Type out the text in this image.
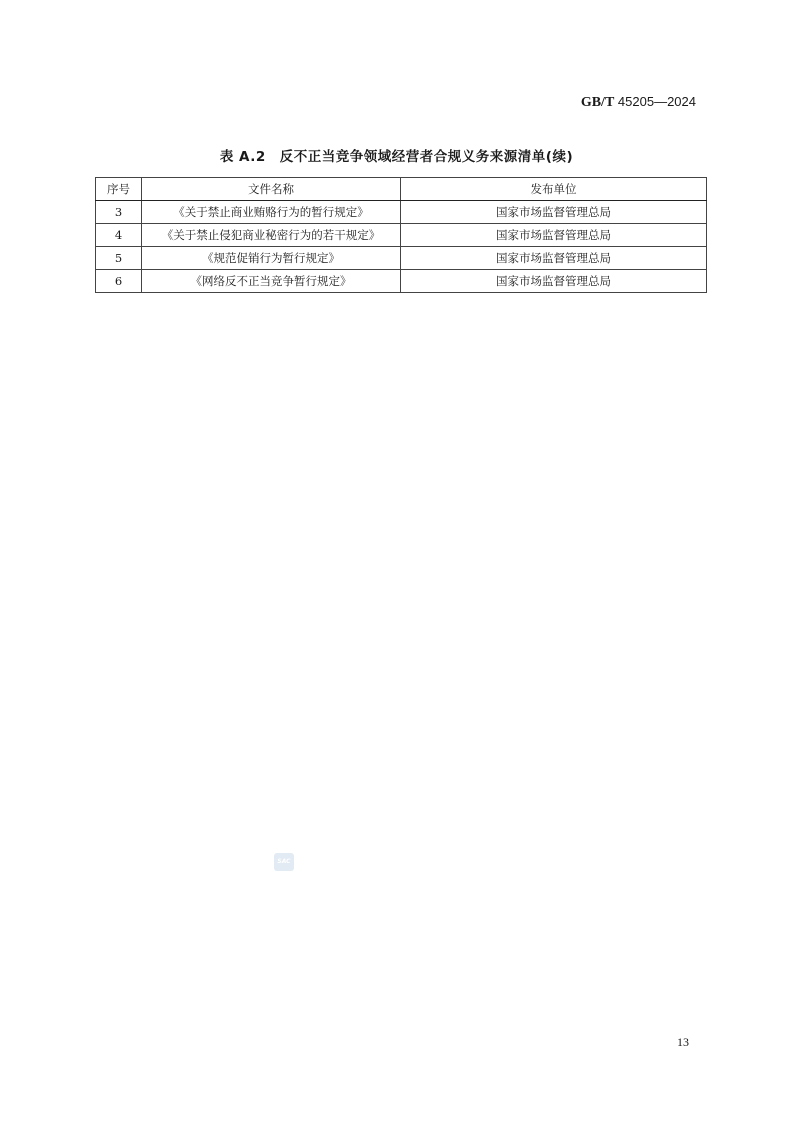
GB/T 45205—2024
表 A.2　反不正当竞争领域经营者合规义务来源清单(续)
序号	文件名称	发布单位
3	《关于禁止商业贿赂行为的暂行规定》	国家市场监督管理总局
4	《关于禁止侵犯商业秘密行为的若干规定》	国家市场监督管理总局
5	《规范促销行为暂行规定》	国家市场监督管理总局
6	《网络反不正当竞争暂行规定》	国家市场监督管理总局
SAC
13
